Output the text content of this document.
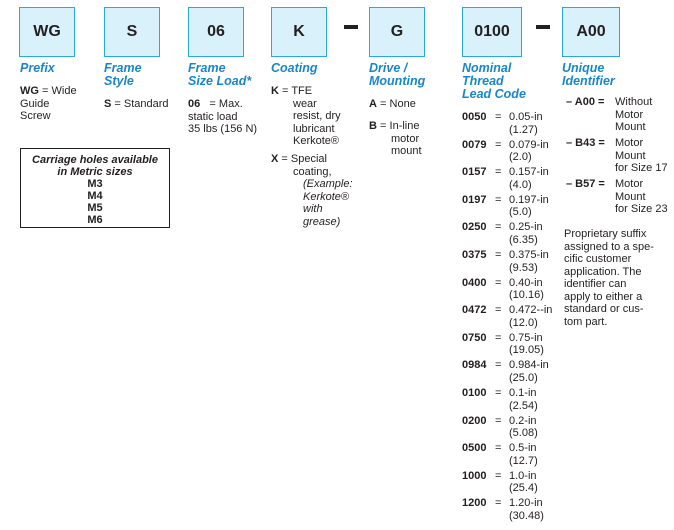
WG	S	06	K	G	0100	A00
Prefix	Frame
Style
Frame
Size Load*
Coating	Drive /
Mounting
Nominal
Thread
Lead Code
Unique
Identifier
WG = Wide
Guide
Screw
S = Standard 06 = Max.
static load
35 lbs (156 N)
K = TFE
wear
resist, dry
lubricant
Kerkote®
X = Special
coating,
(Example:
Kerkote®
with
grease)
A = None
B = In-line
motor
mount
Carriage holes available
in Metric sizes
M3
M4
M5
M6
0050 = 0.05-in
(1.27)
0079 = 0.079-in
(2.0)
0157 = 0.157-in
(4.0)
0197 = 0.197-in
(5.0)
0250 = 0.25-in
(6.35)
0375 = 0.375-in
(9.53)
0400 = 0.40-in
(10.16)
0472 = 0.472--in
(12.0)
0750 = 0.75-in
(19.05)
0984 = 0.984-in
(25.0)
0100 = 0.1-in
(2.54)
0200 = 0.2-in
(5.08)
0500 = 0.5-in
(12.7)
1000 = 1.0-in
(25.4)
1200 = 1.20-in
(30.48)
– A00 = Without
Motor
Mount
– B43 = Motor
Mount
for Size 17
– B57 = Motor
Mount
for Size 23
Proprietary suffix
assigned to a spe-
cific customer
application. The
identifier can
apply to either a
standard or cus-
tom part.
